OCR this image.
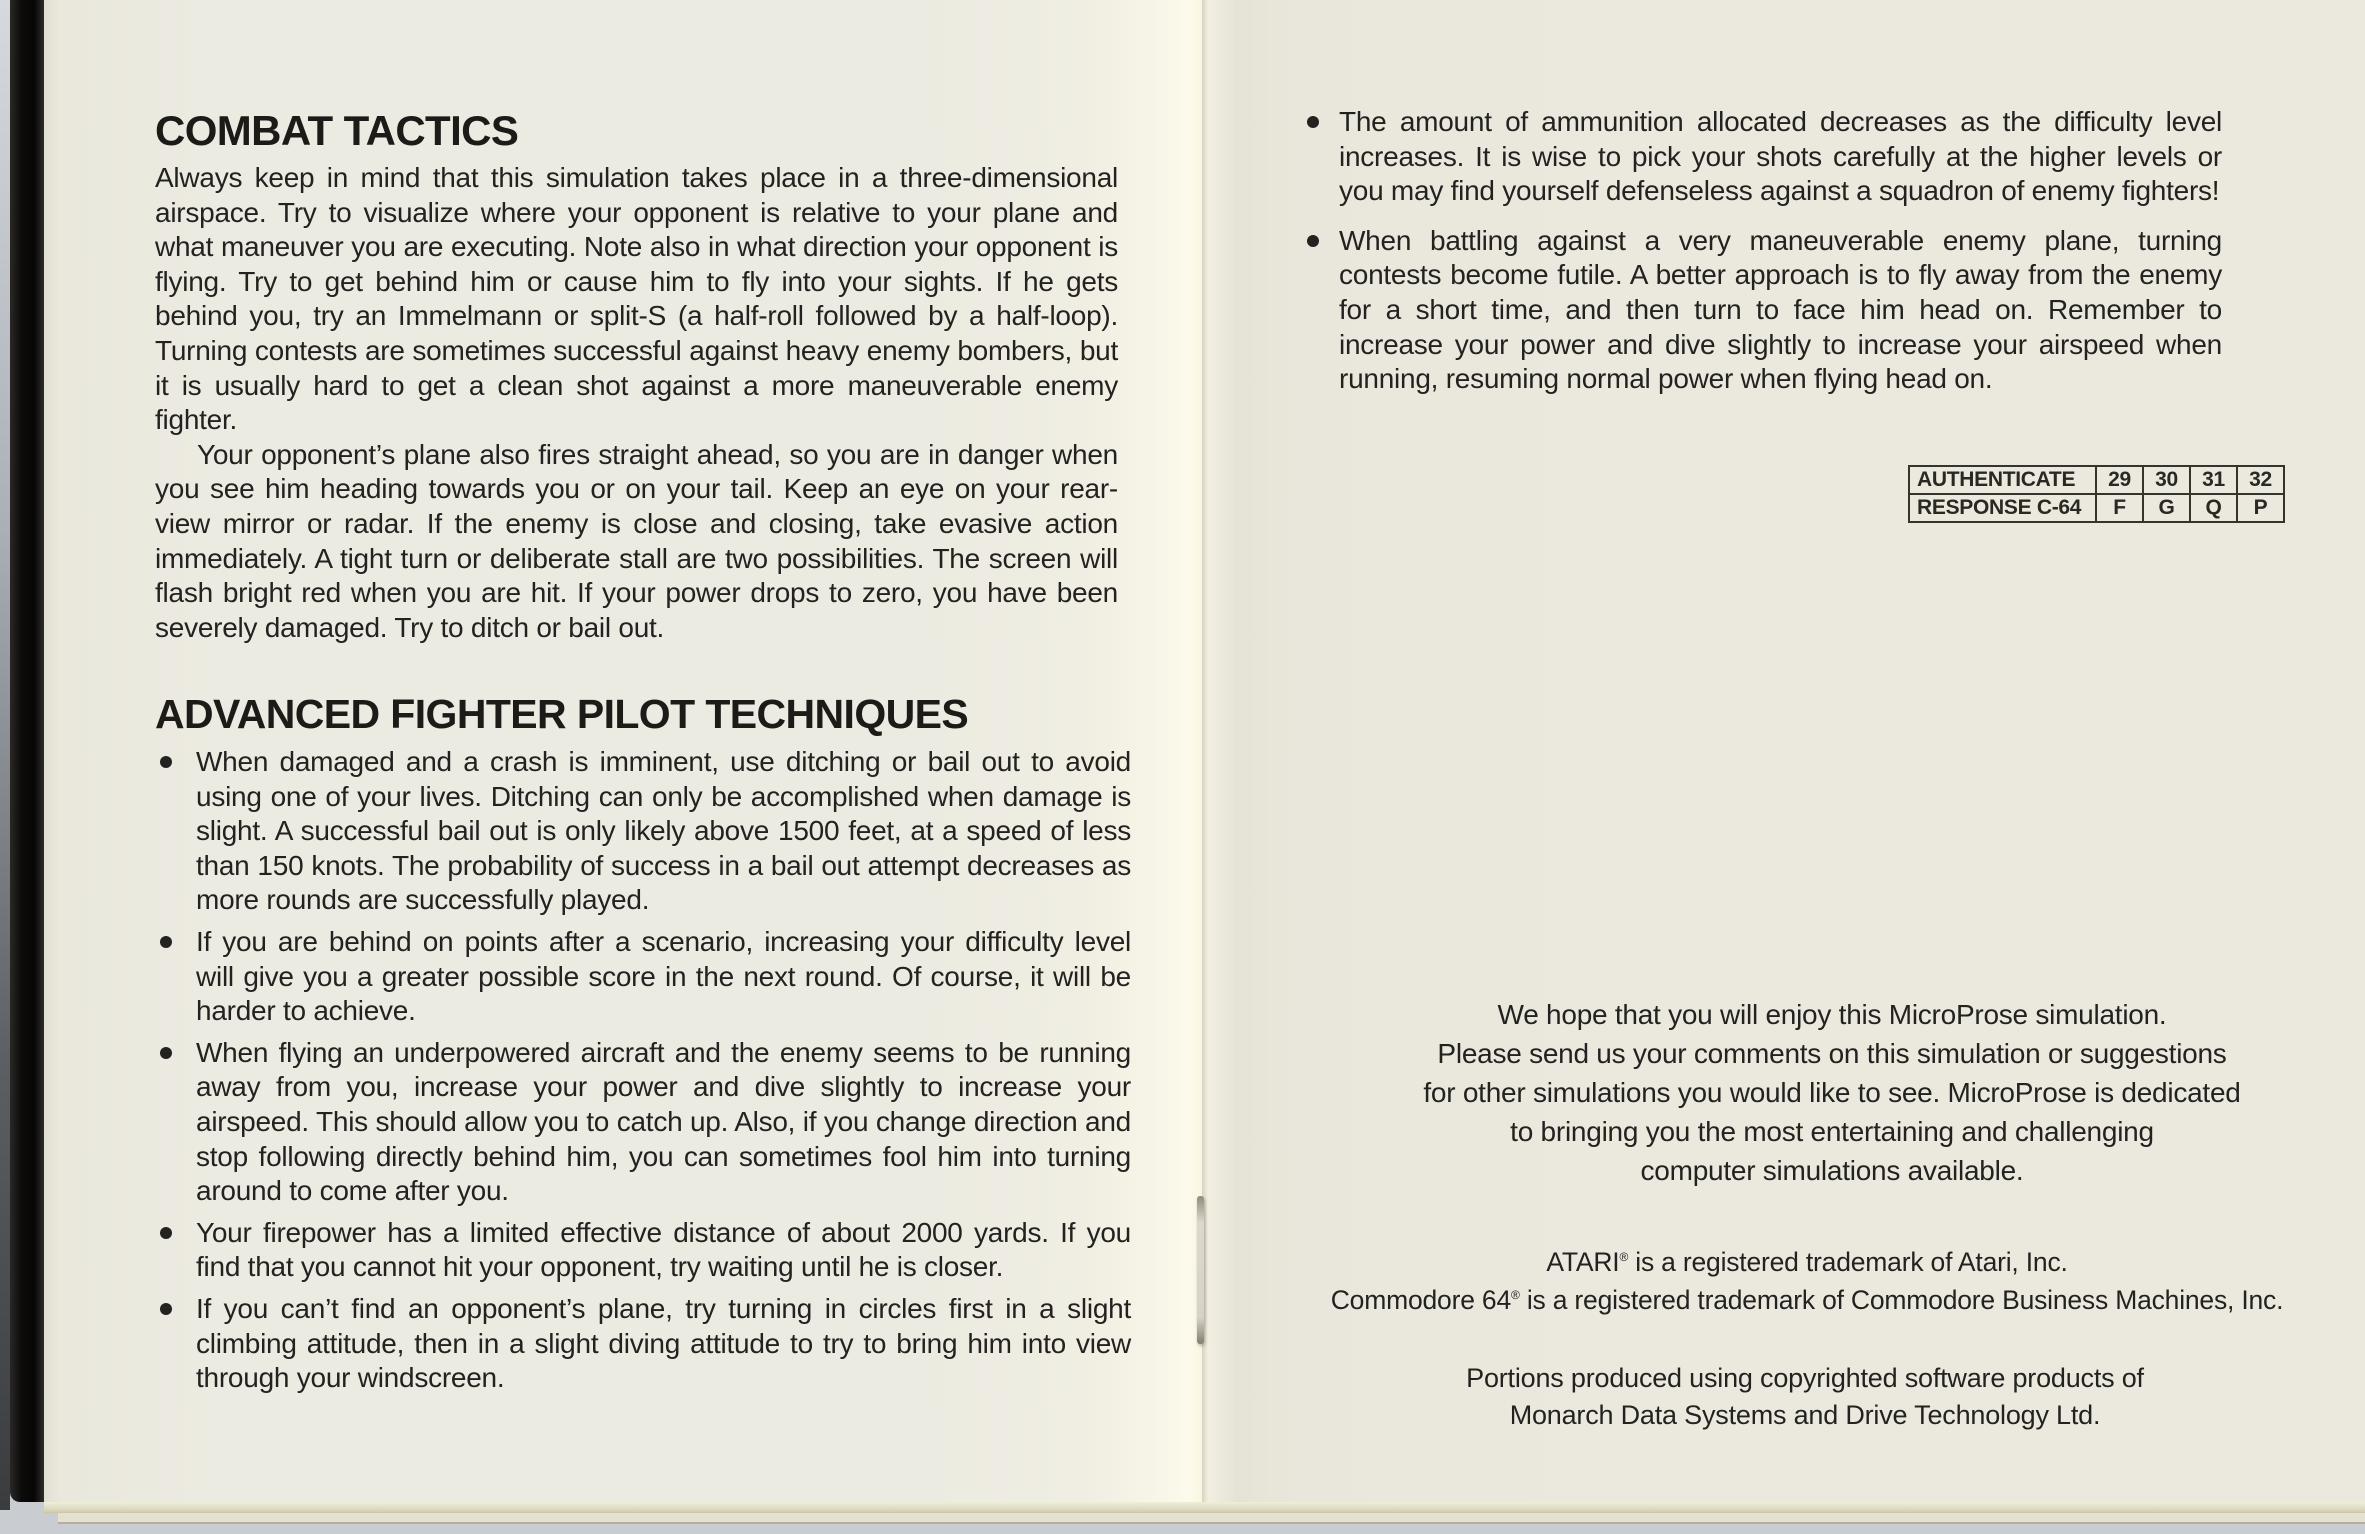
COMBAT TACTICS

Always keep in mind that this simulation takes place in a three-dimensional airspace. Try to visualize where your opponent is relative to your plane and what maneuver you are executing. Note also in what direction your opponent is flying. Try to get behind him or cause him to fly into your sights. If he gets behind you, try an Immelmann or split-S (a half-roll followed by a half-loop). Turning contests are sometimes successful against heavy enemy bombers, but it is usually hard to get a clean shot against a more maneuverable enemy fighter.

Your opponent’s plane also fires straight ahead, so you are in danger when you see him heading towards you or on your tail. Keep an eye on your rear-view mirror or radar. If the enemy is close and closing, take evasive action immediately. A tight turn or deliberate stall are two possibilities. The screen will flash bright red when you are hit. If your power drops to zero, you have been severely damaged. Try to ditch or bail out.

ADVANCED FIGHTER PILOT TECHNIQUES
When damaged and a crash is imminent, use ditching or bail out to avoid using one of your lives. Ditching can only be accomplished when damage is slight. A successful bail out is only likely above 1500 feet, at a speed of less than 150 knots. The probability of success in a bail out attempt decreases as more rounds are successfully played.
If you are behind on points after a scenario, increasing your difficulty level will give you a greater possible score in the next round. Of course, it will be harder to achieve.
When flying an underpowered aircraft and the enemy seems to be running away from you, increase your power and dive slightly to increase your airspeed. This should allow you to catch up. Also, if you change direction and stop following directly behind him, you can sometimes fool him into turning around to come after you.
Your firepower has a limited effective distance of about 2000 yards. If you find that you cannot hit your opponent, try waiting until he is closer.
If you can’t find an opponent’s plane, try turning in circles first in a slight climbing attitude, then in a slight diving attitude to try to bring him into view through your windscreen.
The amount of ammunition allocated decreases as the difficulty level increases. It is wise to pick your shots carefully at the higher levels or you may find yourself defenseless against a squadron of enemy fighters!
When battling against a very maneuverable enemy plane, turning contests become futile. A better approach is to fly away from the enemy for a short time, and then turn to face him head on. Remember to increase your power and dive slightly to increase your airspeed when running, resuming normal power when flying head on.
AUTHENTICATE	29	30	31	32
RESPONSE C-64	F	G	Q	P
We hope that you will enjoy this MicroProse simulation.
Please send us your comments on this simulation or suggestions
for other simulations you would like to see. MicroProse is dedicated
to bringing you the most entertaining and challenging
computer simulations available.
ATARI® is a registered trademark of Atari, Inc.
Commodore 64® is a registered trademark of Commodore Business Machines, Inc.
Portions produced using copyrighted software products of
Monarch Data Systems and Drive Technology Ltd.
